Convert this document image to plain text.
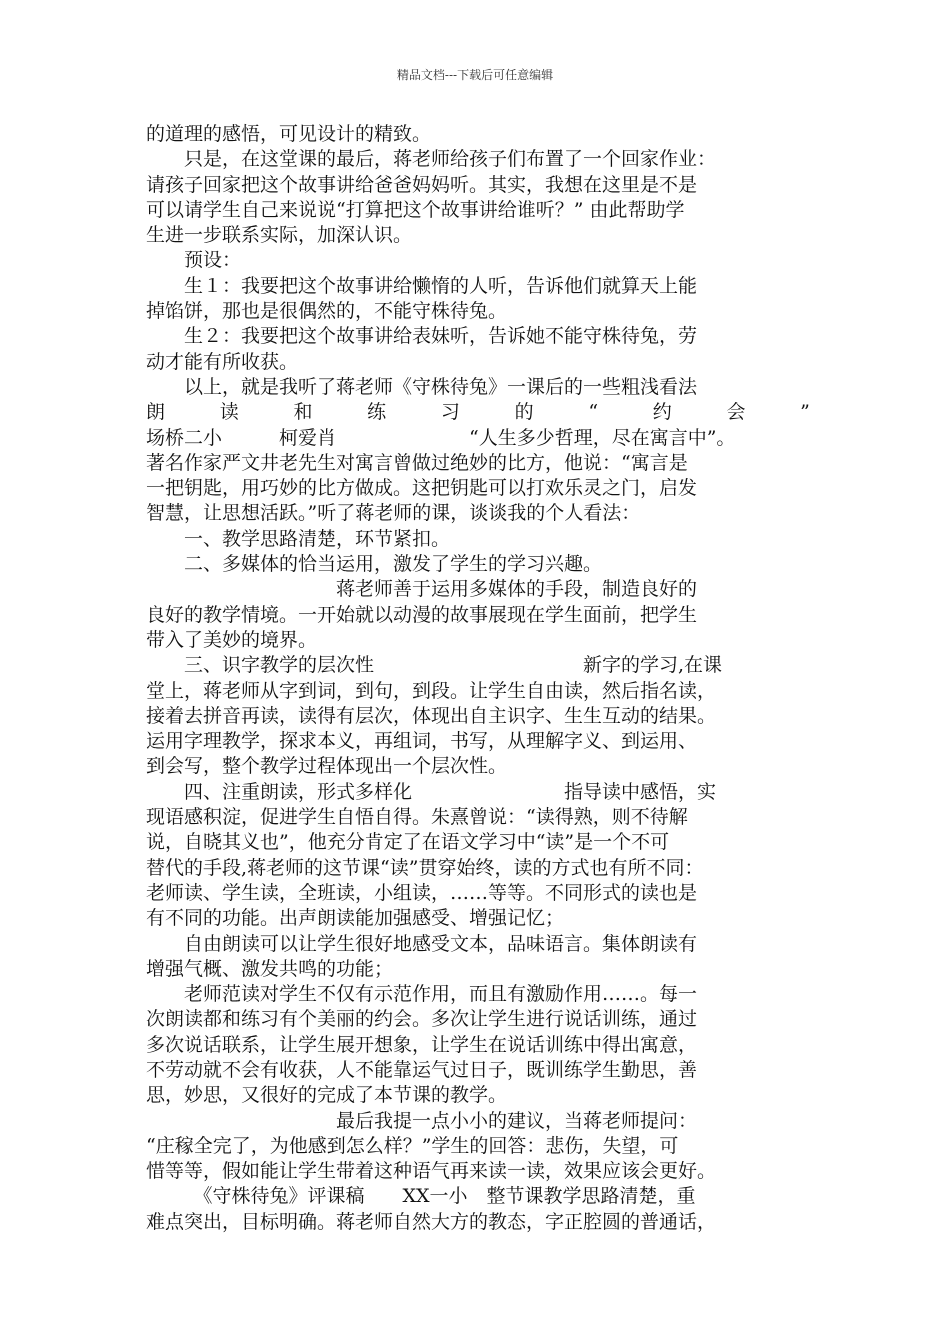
精品文档---下载后可任意编辑
的道理的感悟，可见设计的精致。
　　只是，在这堂课的最后，蒋老师给孩子们布置了一个回家作业：
请孩子回家把这个故事讲给爸爸妈妈听。其实，我想在这里是不是
可以请学生自己来说说“打算把这个故事讲给谁听？” 由此帮助学
生进一步联系实际，加深认识。
　　预设：
　　生１：我要把这个故事讲给懒惰的人听，告诉他们就算天上能
掉馅饼，那也是很偶然的，不能守株待兔。
　　生２：我要把这个故事讲给表妹听，告诉她不能守株待兔，劳
动才能有所收获。
　　以上，就是我听了蒋老师《守株待兔》一课后的一些粗浅看法
朗	读	和	练	习	的	“	约	会	”
场桥二小　　　柯爱肖　　　　　　　“人生多少哲理，尽在寓言中”。
著名作家严文井老先生对寓言曾做过绝妙的比方，他说：“寓言是
一把钥匙，用巧妙的比方做成。这把钥匙可以打欢乐灵之门，启发
智慧，让思想活跃。”听了蒋老师的课，谈谈我的个人看法：
　　一、教学思路清楚，环节紧扣。
　　二、多媒体的恰当运用，激发了学生的学习兴趣。
　　　　　　　　　　蒋老师善于运用多媒体的手段，制造良好的
良好的教学情境。一开始就以动漫的故事展现在学生面前，把学生
带入了美妙的境界。
　　三、识字教学的层次性　　　　　　　　　　　新字的学习,在课
堂上，蒋老师从字到词，到句，到段。让学生自由读，然后指名读，
接着去拼音再读，读得有层次，体现出自主识字、生生互动的结果。
运用字理教学，探求本义，再组词，书写，从理解字义、到运用、
到会写，整个教学过程体现出一个层次性。
　　四、注重朗读，形式多样化　　　　　　　　指导读中感悟，实
现语感积淀，促进学生自悟自得。朱熹曾说：“读得熟，则不待解
说，自晓其义也”，他充分肯定了在语文学习中“读”是一个不可
替代的手段,蒋老师的这节课“读”贯穿始终，读的方式也有所不同：
老师读、学生读，全班读，小组读，……等等。不同形式的读也是
有不同的功能。出声朗读能加强感受、增强记忆；
　　自由朗读可以让学生很好地感受文本，品味语言。集体朗读有
增强气概、激发共鸣的功能；
　　老师范读对学生不仅有示范作用，而且有激励作用……。每一
次朗读都和练习有个美丽的约会。多次让学生进行说话训练，通过
多次说话联系，让学生展开想象，让学生在说话训练中得出寓意，
不劳动就不会有收获，人不能靠运气过日子，既训练学生勤思，善
思，妙思，又很好的完成了本节课的教学。
　　　　　　　　　　最后我提一点小小的建议，当蒋老师提问：
“庄稼全完了，为他感到怎么样？”学生的回答：悲伤，失望，可
惜等等，假如能让学生带着这种语气再来读一读，效果应该会更好。
　　　《守株待兔》评课稿　　XX一小　整节课教学思路清楚，重
难点突出，目标明确。蒋老师自然大方的教态，字正腔圆的普通话，
